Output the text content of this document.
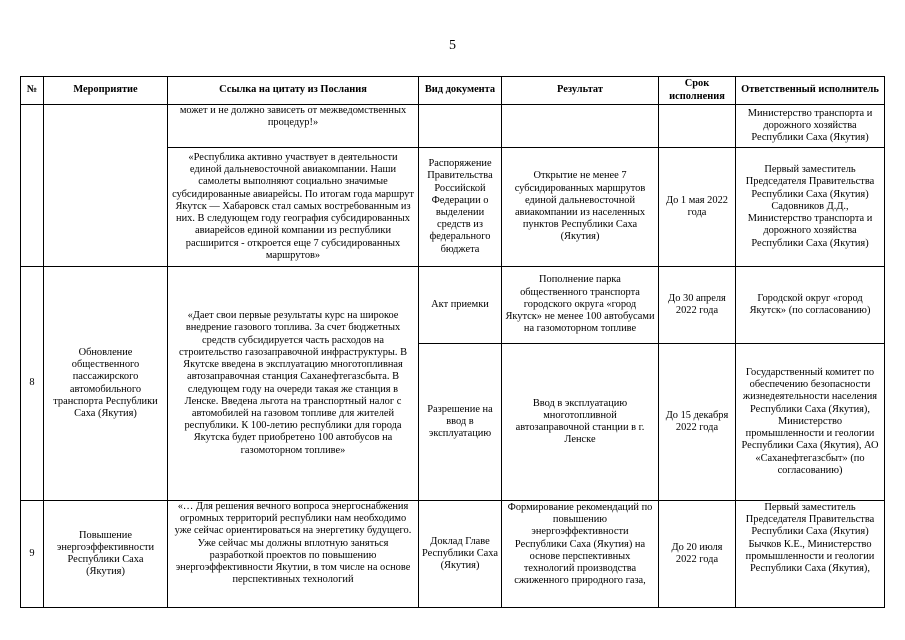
5
№	Мероприятие	Ссылка на цитату из Послания	Вид документа	Результат	Срок исполнения	Ответственный исполнитель

		может и не должно зависеть от межведомственных процедур!»				Министерство транспорта и дорожного хозяйства Республики Саха (Якутия)
		«Республика активно участвует в деятельности единой дальневосточной авиакомпании. Наши самолеты выполняют социально значимые субсидированные авиарейсы. По итогам года маршрут Якутск — Хабаровск стал самых востребованным из них. В следующем году география субсидированных авиарейсов единой компании из республики расширится - откроется еще 7 субсидированных маршрутов»	Распоряжение Правительства Российской Федерации о выделении средств из федерального бюджета	Открытие не менее 7 субсидированных маршрутов единой дальневосточной авиакомпании из населенных пунктов Республики Саха (Якутия)	До 1 мая 2022 года	Первый заместитель Председателя Правительства Республики Саха (Якутия) Садовников Д.Д., Министерство транспорта и дорожного хозяйства Республики Саха (Якутия)
8	Обновление общественного пассажирского автомобильного транспорта Республики Саха (Якутия)	«Дает свои первые результаты курс на широкое внедрение газового топлива. За счет бюджетных средств субсидируется часть расходов на строительство газозаправочной инфраструктуры. В Якутске введена в эксплуатацию многотопливная автозаправочная станция Саханефтегазсбыта. В следующем году на очереди такая же станция в Ленске. Введена льгота на транспортный налог с автомобилей на газовом топливе для жителей республики. К 100-летию республики для города Якутска будет приобретено 100 автобусов на газомоторном топливе»	Акт приемки	Пополнение парка общественного транспорта городского округа «город Якутск» не менее 100 автобусами на газомоторном топливе	До 30 апреля 2022 года	Городской округ «город Якутск» (по согласованию)
			Разрешение на ввод в эксплуатацию	Ввод в эксплуатацию многотопливной автозаправочной станции в г. Ленске	До 15 декабря 2022 года	Государственный комитет по обеспечению безопасности жизнедеятельности населения Республики Саха (Якутия), Министерство промышленности и геологии Республики Саха (Якутия), АО «Саханефтегазсбыт» (по согласованию)
9	Повышение энергоэффективности Республики Саха (Якутия)	«… Для решения вечного вопроса энергоснабжения огромных территорий республики нам необходимо уже сейчас ориентироваться на энергетику будущего. Уже сейчас мы должны вплотную заняться разработкой проектов по повышению энергоэффективности Якутии, в том числе на основе перспективных технологий	Доклад Главе Республики Саха (Якутия)	Формирование рекомендаций по повышению энергоэффективности Республики Саха (Якутия) на основе перспективных технологий производства сжиженного природного газа,	До 20 июля 2022 года	Первый заместитель Председателя Правительства Республики Саха (Якутия) Бычков К.Е., Министерство промышленности и геологии Республики Саха (Якутия),
